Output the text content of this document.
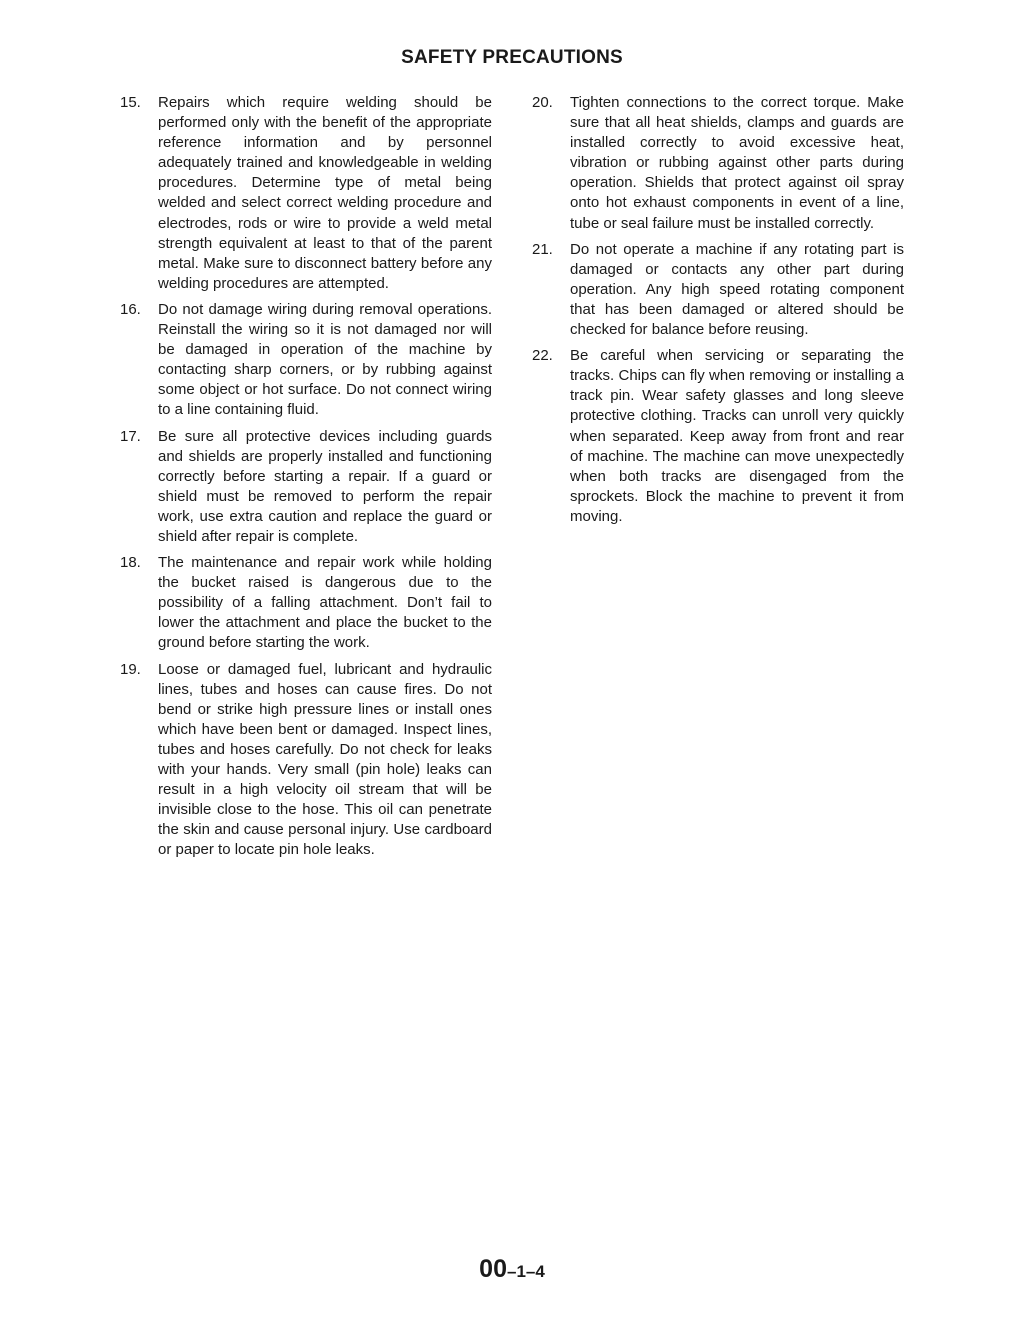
SAFETY PRECAUTIONS
15.	Repairs which require welding should be performed only with the benefit of the appropriate reference information and by personnel adequately trained and knowledgeable in welding procedures. Determine type of metal being welded and select correct welding procedure and electrodes, rods or wire to provide a weld metal strength equivalent at least to that of the parent metal. Make sure to disconnect battery before any welding procedures are attempted.
16.	Do not damage wiring during removal operations. Reinstall the wiring so it is not damaged nor will be damaged in operation of the machine by contacting sharp corners, or by rubbing against some object or hot surface. Do not connect wiring to a line containing fluid.
17.	Be sure all protective devices including guards and shields are properly installed and functioning correctly before starting a repair. If a guard or shield must be removed to perform the repair work, use extra caution and replace the guard or shield after repair is complete.
18.	The maintenance and repair work while holding the bucket raised is dangerous due to the possibility of a falling attachment. Don’t fail to lower the attachment and place the bucket to the ground before starting the work.
19.	Loose or damaged fuel, lubricant and hydraulic lines, tubes and hoses can cause fires. Do not bend or strike high pressure lines or install ones which have been bent or damaged. Inspect lines, tubes and hoses carefully. Do not check for leaks with your hands. Very small (pin hole) leaks can result in a high velocity oil stream that will be invisible close to the hose. This oil can penetrate the skin and cause personal injury. Use cardboard or paper to locate pin hole leaks.
20.	Tighten connections to the correct torque. Make sure that all heat shields, clamps and guards are installed correctly to avoid excessive heat, vibration or rubbing against other parts during operation. Shields that protect against oil spray onto hot exhaust components in event of a line, tube or seal failure must be installed correctly.
21.	Do not operate a machine if any rotating part is damaged or contacts any other part during operation. Any high speed rotating component that has been damaged or altered should be checked for balance before reusing.
22.	Be careful when servicing or separating the tracks. Chips can fly when removing or installing a track pin. Wear safety glasses and long sleeve protective clothing. Tracks can unroll very quickly when separated. Keep away from front and rear of machine. The machine can move unexpectedly when both tracks are disengaged from the sprockets. Block the machine to prevent it from moving.
00–1–4
